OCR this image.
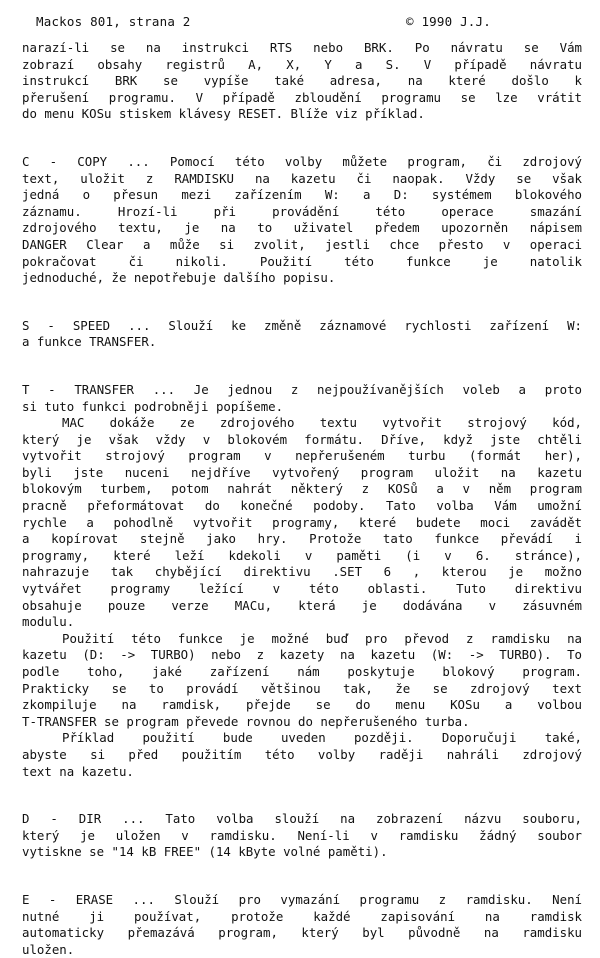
Mackos 801, strana 2	© 1990 J.J.
narazí-li se na instrukci RTS nebo BRK. Po návratu se Vám
zobrazí obsahy registrů A, X, Y a S. V případě návratu
instrukcí BRK se vypíše také adresa, na které došlo k
přerušení programu. V případě zbloudění programu se lze vrátit
do menu KOSu stiskem klávesy RESET. Blíže viz příklad.
C - COPY ... Pomocí této volby můžete program, či zdrojový
text, uložit z RAMDISKU na kazetu či naopak. Vždy se však
jedná o přesun mezi zařízením W: a D: systémem blokového
záznamu. Hrozí-li při provádění této operace smazání
zdrojového textu, je na to uživatel předem upozorněn nápisem
DANGER Clear a může si zvolit, jestli chce přesto v operaci
pokračovat či nikoli. Použití této funkce je natolik
jednoduché, že nepotřebuje dalšího popisu.
S - SPEED ... Slouží ke změně záznamové rychlosti zařízení W:
a funkce TRANSFER.
T - TRANSFER ... Je jednou z nejpoužívanějších voleb a proto
si tuto funkci podrobněji popíšeme.
MAC dokáže ze zdrojového textu vytvořit strojový kód,
který je však vždy v blokovém formátu. Dříve, když jste chtěli
vytvořit strojový program v nepřerušeném turbu (formát her),
byli jste nuceni nejdříve vytvořený program uložit na kazetu
blokovým turbem, potom nahrát některý z KOSů a v něm program
pracně přeformátovat do konečné podoby. Tato volba Vám umožní
rychle a pohodlně vytvořit programy, které budete moci zavádět
a kopírovat stejně jako hry. Protože tato funkce převádí i
programy, které leží kdekoli v paměti (i v 6. stránce),
nahrazuje tak chybějící direktivu .SET 6 , kterou je možno
vytvářet programy ležící v této oblasti. Tuto direktivu
obsahuje pouze verze MACu, která je dodávána v zásuvném
modulu.
Použití této funkce je možné buď pro převod z ramdisku na
kazetu (D: -> TURBO) nebo z kazety na kazetu (W: -> TURBO). To
podle toho, jaké zařízení nám poskytuje blokový program.
Prakticky se to provádí většinou tak, že se zdrojový text
zkompiluje na ramdisk, přejde se do menu KOSu a volbou
T-TRANSFER se program převede rovnou do nepřerušeného turba.
Příklad použití bude uveden později. Doporučuji také,
abyste si před použitím této volby raději nahráli zdrojový
text na kazetu.
D - DIR ... Tato volba slouží na zobrazení názvu souboru,
který je uložen v ramdisku. Není-li v ramdisku žádný soubor
vytiskne se "14 kB FREE" (14 kByte volné paměti).
E - ERASE ... Slouží pro vymazání programu z ramdisku. Není
nutné ji používat, protože každé zapisování na ramdisk
automaticky přemazává program, který byl původně na ramdisku
uložen.
